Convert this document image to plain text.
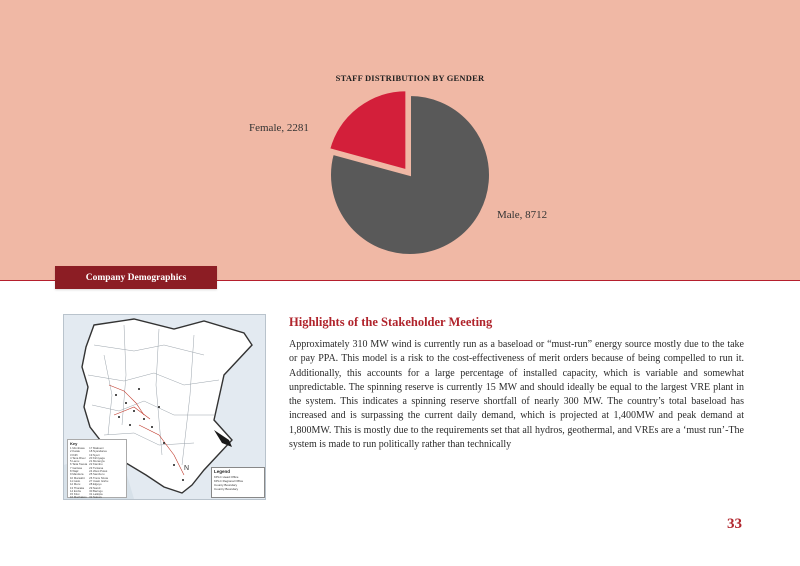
STAFF DISTRIBUTION BY GENDER
Female, 2281
Male, 8712
Company Demographics
N
Key
1 Mombasa
2 Kwale
3 Kilifi
4 Tana River
5 Lamu
6 Taita Taveta
7 Garissa
8 Wajir
9 Mandera
10 Marsabit
11 Isiolo
12 Meru
13 Tharaka
14 Embu
15 Kitui
16 Machakos
17 Makueni
18 Nyandarua
19 Nyeri
20 Kirinyaga
21 Murang'a
22 Kiambu
23 Turkana
24 West Pokot
25 Samburu
26 Trans Nzoia
27 Uasin Gishu
28 Elgeyo
29 Nandi
30 Baringo
31 Laikipia
32 Nakuru
Legend
KPLC Head Office
KPLC Regional Office
County Boundary
Country Boundary
Highlights of the Stakeholder Meeting
Approximately 310 MW wind is currently run as a baseload or “must-run” energy source mostly due to the take or pay PPA. This model is a risk to the cost-effectiveness of merit orders because of being compelled to run it. Additionally, this accounts for a large percentage of installed capacity, which is variable and somewhat unpredictable. The spinning reserve is currently 15 MW and should ideally be equal to the largest VRE plant in the system. This indicates a spinning reserve shortfall of nearly 300 MW. The country’s total baseload has increased and is surpassing the current daily demand, which is projected at 1,400MW and peak demand at 1,800MW. This is mostly due to the requirements set that all hydros, geothermal, and VREs are a ‘must run’-The system is made to run politically rather than technically
33
